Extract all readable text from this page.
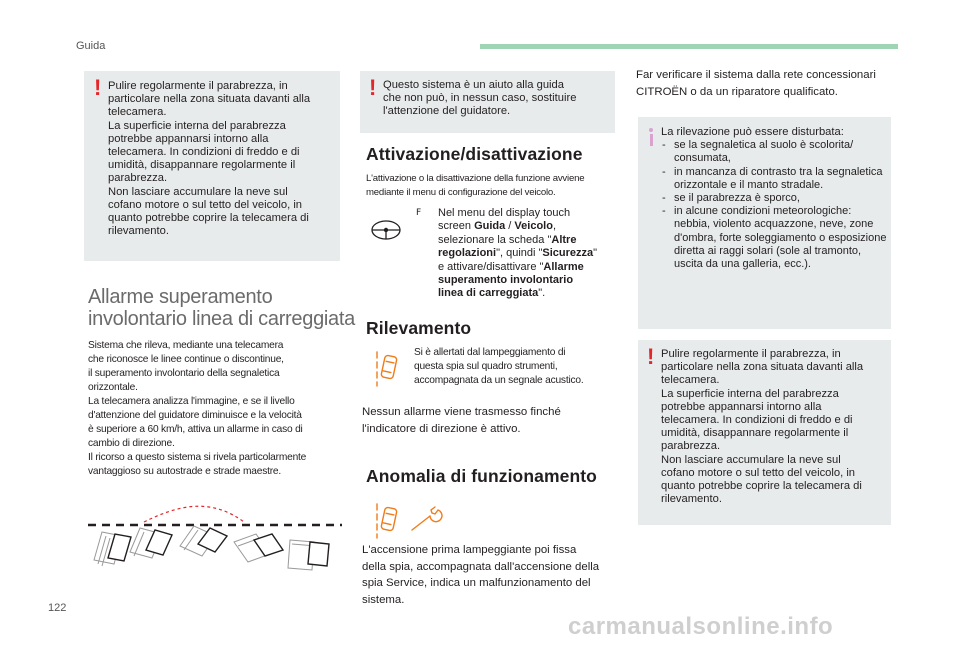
Guida
! Pulire regolarmente il parabrezza, in
particolare nella zona situata davanti alla
telecamera.
La superficie interna del parabrezza
potrebbe appannarsi intorno alla
telecamera. In condizioni di freddo e di
umidità, disappannare regolarmente il
parabrezza.
Non lasciare accumulare la neve sul
cofano motore o sul tetto del veicolo, in
quanto potrebbe coprire la telecamera di
rilevamento.
Allarme superamento
involontario linea di carreggiata
Sistema che rileva, mediante una telecamera
che riconosce le linee continue o discontinue,
il superamento involontario della segnaletica
orizzontale.
La telecamera analizza l'immagine, e se il livello
d'attenzione del guidatore diminuisce e la velocità
è superiore a 60 km/h, attiva un allarme in caso di
cambio di direzione.
Il ricorso a questo sistema si rivela particolarmente
vantaggioso su autostrade e strade maestre.
! Questo sistema è un aiuto alla guida
che non può, in nessun caso, sostituire
l'attenzione del guidatore.
Attivazione/disattivazione
L'attivazione o la disattivazione della funzione avviene
mediante il menu di configurazione del veicolo.
F Nel menu del display touch
screen Guida / Veicolo,
selezionare la scheda "Altre
regolazioni", quindi "Sicurezza"
e attivare/disattivare "Allarme
superamento involontario
linea di carreggiata".
Rilevamento
Si è allertati dal lampeggiamento di
questa spia sul quadro strumenti,
accompagnata da un segnale acustico.
Nessun allarme viene trasmesso finché
l'indicatore di direzione è attivo.
Anomalia di funzionamento
L'accensione prima lampeggiante poi fissa
della spia, accompagnata dall'accensione della
spia Service, indica un malfunzionamento del
sistema.
Far verificare il sistema dalla rete concessionari
CITROËN o da un riparatore qualificato.
La rilevazione può essere disturbata:
- se la segnaletica al suolo è scolorita/ consumata,
- in mancanza di contrasto tra la segnaletica orizzontale e il manto stradale.
- se il parabrezza è sporco,
- in alcune condizioni meteorologiche: nebbia, violento acquazzone, neve, zone d'ombra, forte soleggiamento o esposizione diretta ai raggi solari (sole al tramonto, uscita da una galleria, ecc.).
! Pulire regolarmente il parabrezza, in
particolare nella zona situata davanti alla
telecamera.
La superficie interna del parabrezza
potrebbe appannarsi intorno alla
telecamera. In condizioni di freddo e di
umidità, disappannare regolarmente il
parabrezza.
Non lasciare accumulare la neve sul
cofano motore o sul tetto del veicolo, in
quanto potrebbe coprire la telecamera di
rilevamento.
122
carmanualsonline.info
